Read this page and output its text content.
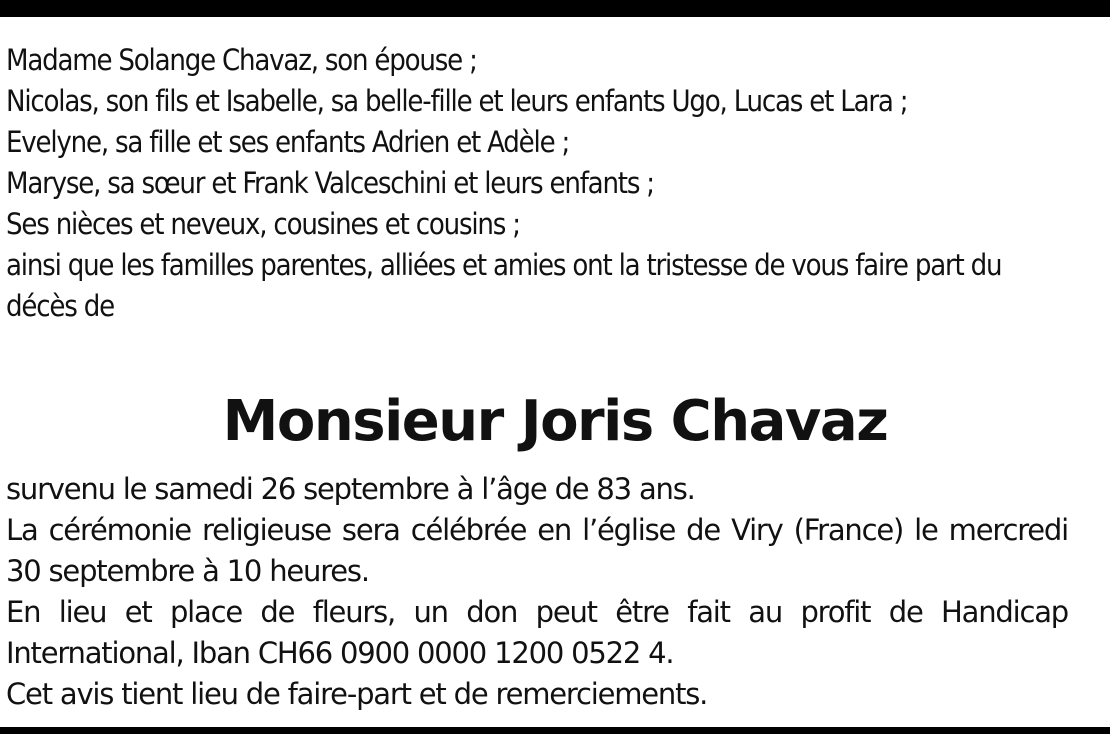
Madame Solange Chavaz, son épouse ;
Nicolas, son fils et Isabelle, sa belle-fille et leurs enfants Ugo, Lucas et Lara ;
Evelyne, sa fille et ses enfants Adrien et Adèle ;
Maryse, sa sœur et Frank Valceschini et leurs enfants ;
Ses nièces et neveux, cousines et cousins ;
ainsi que les familles parentes, alliées et amies ont la tristesse de vous faire part du décès de
Monsieur Joris Chavaz
survenu le samedi 26 septembre à l’âge de 83 ans.
La cérémonie religieuse sera célébrée en l’église de Viry (France) le mercredi 30 septembre à 10 heures.
En lieu et place de fleurs, un don peut être fait au profit de Handicap International, Iban CH66 0900 0000 1200 0522 4.
Cet avis tient lieu de faire-part et de remerciements.
